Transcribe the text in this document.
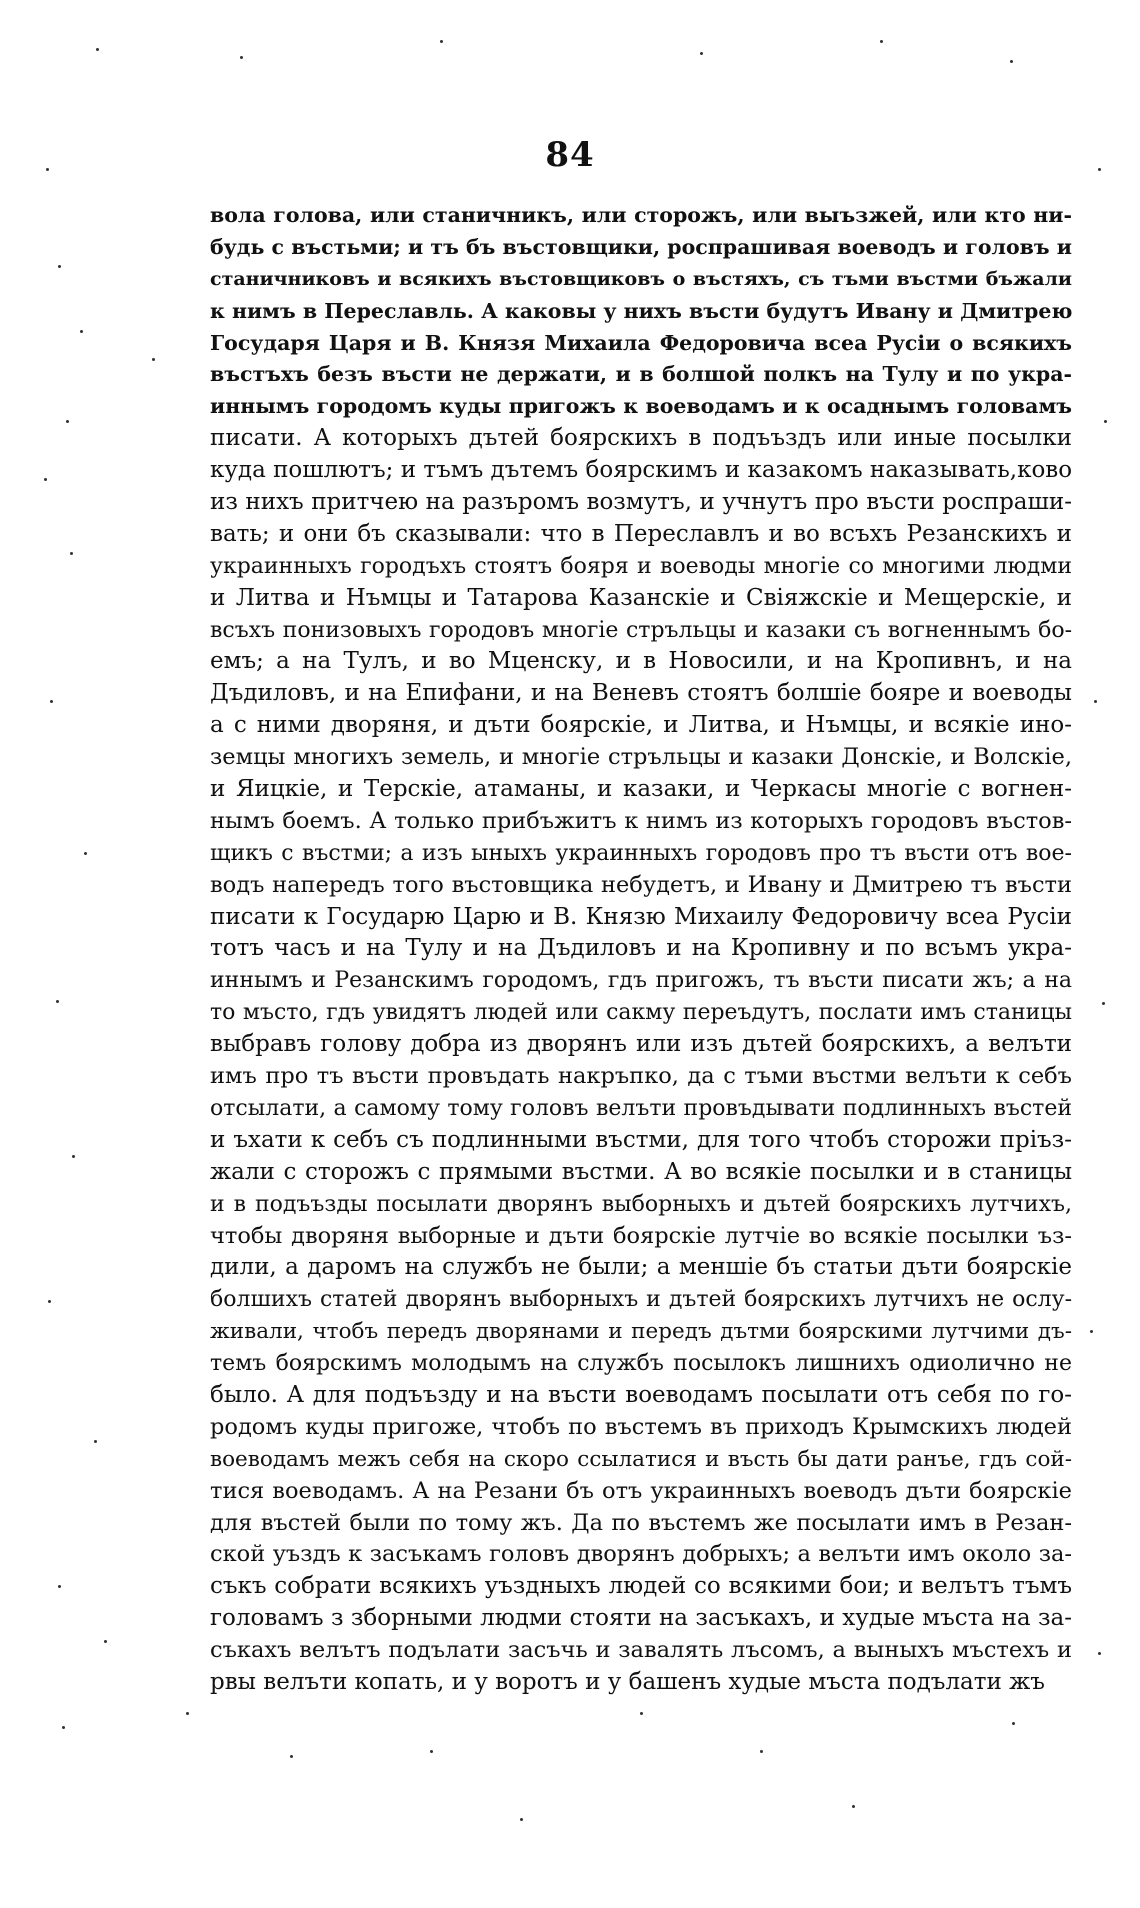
84
вола голова, или станичникъ, или сторожъ, или выъзжей, или кто ни-
будь с въстьми; и тъ бъ въстовщики, роспрашивая воеводъ и головъ и
станичниковъ и всякихъ въстовщиковъ о въстяхъ, съ тъми въстми бъжали
к нимъ в Переславль. А каковы у нихъ въсти будутъ Ивану и Дмитрею
Государя Царя и В. Князя Михаила Федоровича всеа Русіи о всякихъ
въстъхъ безъ въсти не держати, и в болшой полкъ на Тулу и по укра-
иннымъ городомъ куды пригожъ к воеводамъ и к осаднымъ головамъ
писати. А которыхъ дътей боярскихъ в подъъздъ или иные посылки
куда пошлютъ; и тъмъ дътемъ боярскимъ и казакомъ наказывать,ково
из нихъ притчею на разъромъ возмутъ, и учнутъ про въсти роспраши-
вать; и они бъ сказывали: что в Переславлъ и во всъхъ Резанскихъ и
украинныхъ городъхъ стоятъ бояря и воеводы многіе со многими людми
и Литва и Нъмцы и Татарова Казанскіе и Свіяжскіе и Мещерскіе, и
всъхъ понизовыхъ городовъ многіе стръльцы и казаки съ вогненнымъ бо-
емъ; а на Тулъ, и во Мценску, и в Новосили, и на Кропивнъ, и на
Дъдиловъ, и на Епифани, и на Веневъ стоятъ болшіе бояре и воеводы
а с ними дворяня, и дъти боярскіе, и Литва, и Нъмцы, и всякіе ино-
земцы многихъ земель, и многіе стръльцы и казаки Донскіе, и Волскіе,
и Яицкіе, и Терскіе, атаманы, и казаки, и Черкасы многіе с вогнен-
нымъ боемъ. А только прибъжитъ к нимъ из которыхъ городовъ въстов-
щикъ с въстми; а изъ ыныхъ украинныхъ городовъ про тъ въсти отъ вое-
водъ напередъ того въстовщика небудетъ, и Ивану и Дмитрею тъ въсти
писати к Государю Царю и В. Князю Михаилу Федоровичу всеа Русіи
тотъ часъ и на Тулу и на Дъдиловъ и на Кропивну и по всъмъ укра-
иннымъ и Резанскимъ городомъ, гдъ пригожъ, тъ въсти писати жъ; а на
то мъсто, гдъ увидятъ людей или сакму переъдутъ, послати имъ станицы
выбравъ голову добра из дворянъ или изъ дътей боярскихъ, а велъти
имъ про тъ въсти провъдать накръпко, да с тъми въстми велъти к себъ
отсылати, а самому тому головъ велъти провъдывати подлинныхъ въстей
и ъхати к себъ съ подлинными въстми, для того чтобъ сторожи пріъз-
жали с сторожъ с прямыми въстми. А во всякіе посылки и в станицы
и в подъъзды посылати дворянъ выборныхъ и дътей боярскихъ лутчихъ,
чтобы дворяня выборные и дъти боярскіе лутчіе во всякіе посылки ъз-
дили, а даромъ на службъ не были; а меншіе бъ статьи дъти боярскіе
болшихъ статей дворянъ выборныхъ и дътей боярскихъ лутчихъ не ослу-
живали, чтобъ передъ дворянами и передъ дътми боярскими лутчими дъ-
темъ боярскимъ молодымъ на службъ посылокъ лишнихъ одиолично не
было. А для подъъзду и на въсти воеводамъ посылати отъ себя по го-
родомъ куды пригоже, чтобъ по въстемъ въ приходъ Крымскихъ людей
воеводамъ межъ себя на скоро ссылатися и въсть бы дати ранъе, гдъ сой-
тися воеводамъ. А на Резани бъ отъ украинныхъ воеводъ дъти боярскіе
для въстей были по тому жъ. Да по въстемъ же посылати имъ в Резан-
ской уъздъ к засъкамъ головъ дворянъ добрыхъ; а велъти имъ около за-
съкъ собрати всякихъ уъздныхъ людей со всякими бои; и велътъ тъмъ
головамъ з зборными людми стояти на засъкахъ, и худые мъста на за-
съкахъ велътъ подълати засъчь и завалять лъсомъ, а выныхъ мъстехъ и
рвы велъти копать, и у воротъ и у башенъ худые мъста подълати жъ
